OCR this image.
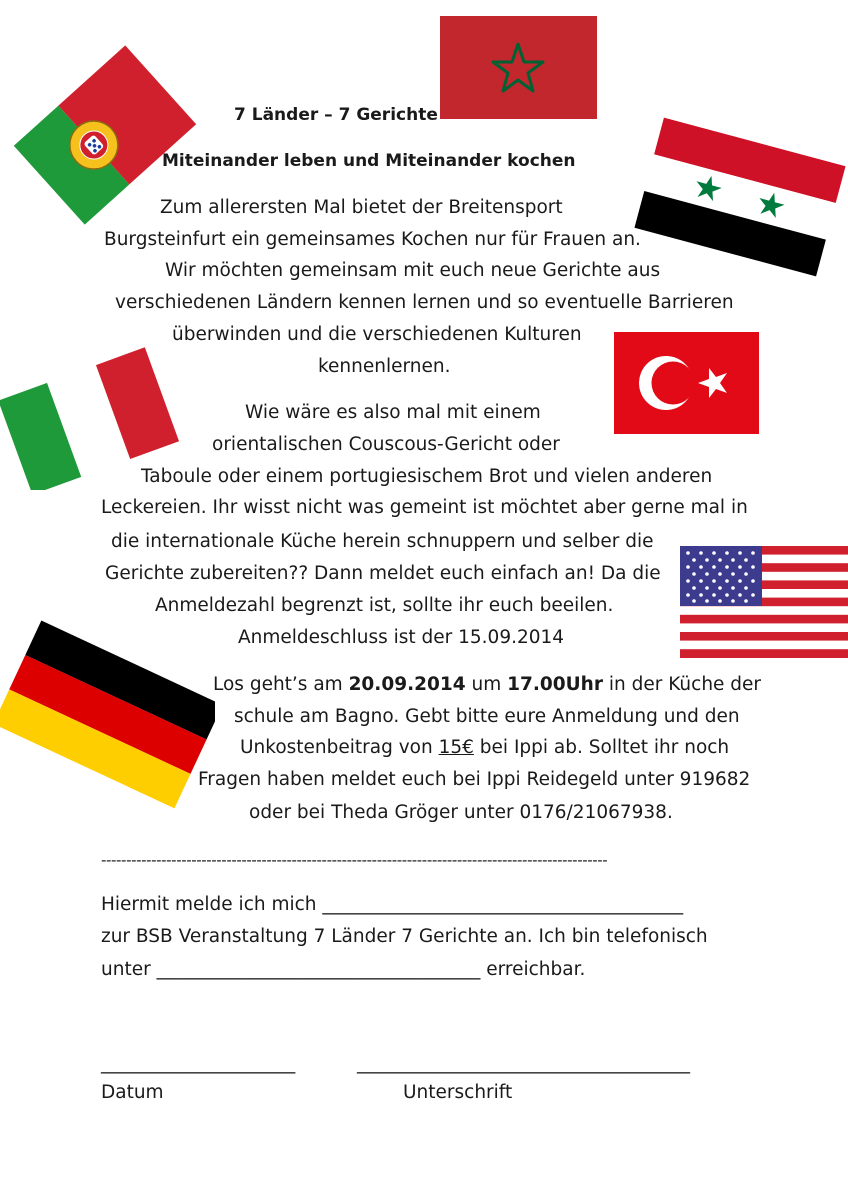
7 Länder – 7 Gerichte
Miteinander leben und Miteinander kochen
Zum allerersten Mal bietet der Breitensport
Burgsteinfurt ein gemeinsames Kochen nur für Frauen an.
Wir möchten gemeinsam mit euch neue Gerichte aus
verschiedenen Ländern kennen lernen und so eventuelle Barrieren
überwinden und die verschiedenen Kulturen
kennenlernen.
Wie wäre es also mal mit einem
orientalischen Couscous-Gericht oder
Taboule oder einem portugiesischem Brot und vielen anderen
Leckereien. Ihr wisst nicht was gemeint ist möchtet aber gerne mal in
die internationale Küche herein schnuppern und selber die
Gerichte zubereiten?? Dann meldet euch einfach an! Da die
Anmeldezahl begrenzt ist, sollte ihr euch beeilen.
Anmeldeschluss ist der 15.09.2014
Los geht’s am 20.09.2014 um 17.00Uhr in der Küche der
schule am Bagno. Gebt bitte eure Anmeldung und den
Unkostenbeitrag von 15€ bei Ippi ab. Solltet ihr noch
Fragen haben meldet euch bei Ippi Reidegeld unter 919682
oder bei Theda Gröger unter 0176/21067938.
-----------------------------------------------------------------------------------------------------
Hiermit melde ich mich _______________________________________
zur BSB Veranstaltung 7 Länder 7 Gerichte an. Ich bin telefonisch
unter ___________________________________ erreichbar.
_____________________	____________________________________
Datum	Unterschrift
